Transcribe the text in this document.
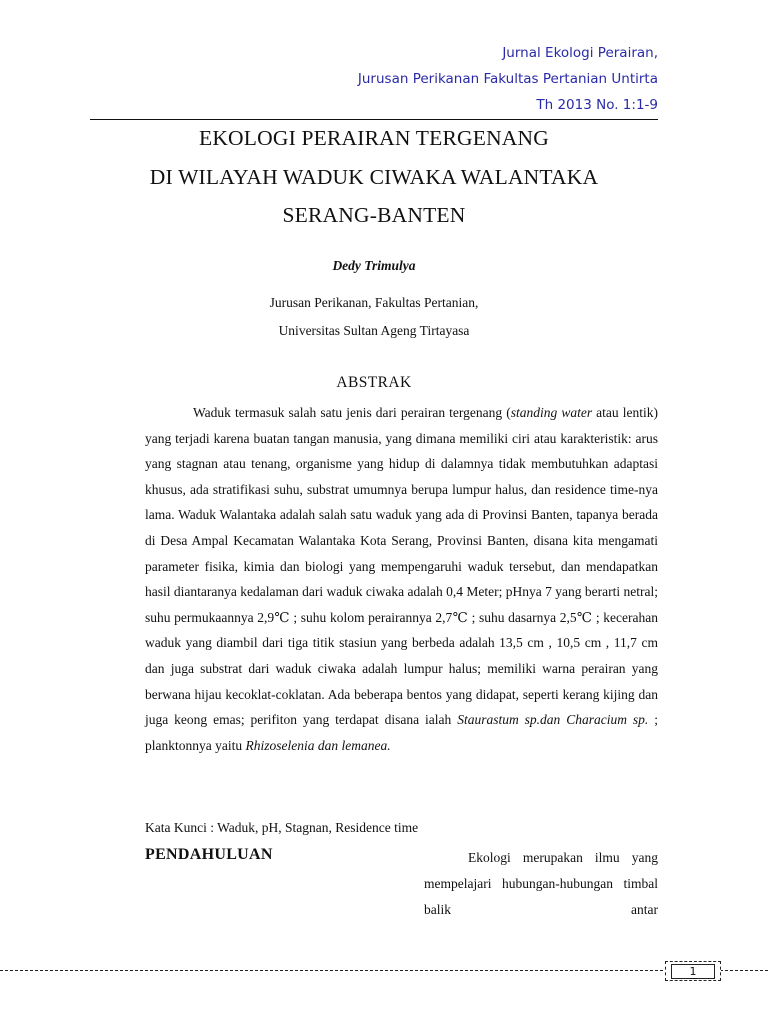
Jurnal Ekologi Perairan,
Jurusan Perikanan Fakultas Pertanian Untirta
Th 2013 No. 1:1-9
EKOLOGI PERAIRAN TERGENANG
DI WILAYAH WADUK CIWAKA WALANTAKA
SERANG-BANTEN
Dedy Trimulya
Jurusan Perikanan, Fakultas Pertanian,
Universitas Sultan Ageng Tirtayasa
ABSTRAK
Waduk termasuk salah satu jenis dari perairan tergenang (standing water atau lentik) yang terjadi karena buatan tangan manusia, yang dimana memiliki ciri atau karakteristik: arus yang stagnan atau tenang, organisme yang hidup di dalamnya tidak membutuhkan adaptasi khusus, ada stratifikasi suhu, substrat umumnya berupa lumpur halus, dan residence time-nya lama. Waduk Walantaka adalah salah satu waduk yang ada di Provinsi Banten, tapanya berada di Desa Ampal Kecamatan Walantaka Kota Serang, Provinsi Banten, disana kita mengamati parameter fisika, kimia dan biologi yang mempengaruhi waduk tersebut, dan mendapatkan hasil diantaranya kedalaman dari waduk ciwaka adalah 0,4 Meter; pHnya 7 yang berarti netral; suhu permukaannya 2,9℃ ; suhu kolom perairannya 2,7℃ ; suhu dasarnya 2,5℃ ; kecerahan waduk yang diambil dari tiga titik stasiun yang berbeda adalah 13,5 cm , 10,5 cm , 11,7 cm dan juga substrat dari waduk ciwaka adalah lumpur halus; memiliki warna perairan yang berwana hijau kecoklat-coklatan. Ada beberapa bentos yang didapat, seperti kerang kijing dan juga keong emas; perifiton yang terdapat disana ialah Staurastum sp.dan Characium sp. ; planktonnya yaitu Rhizoselenia dan lemanea.
Kata Kunci : Waduk, pH, Stagnan, Residence time
PENDAHULUAN	Ekologi merupakan ilmu yang mempelajari hubungan-hubungan timbal balik antar
1
